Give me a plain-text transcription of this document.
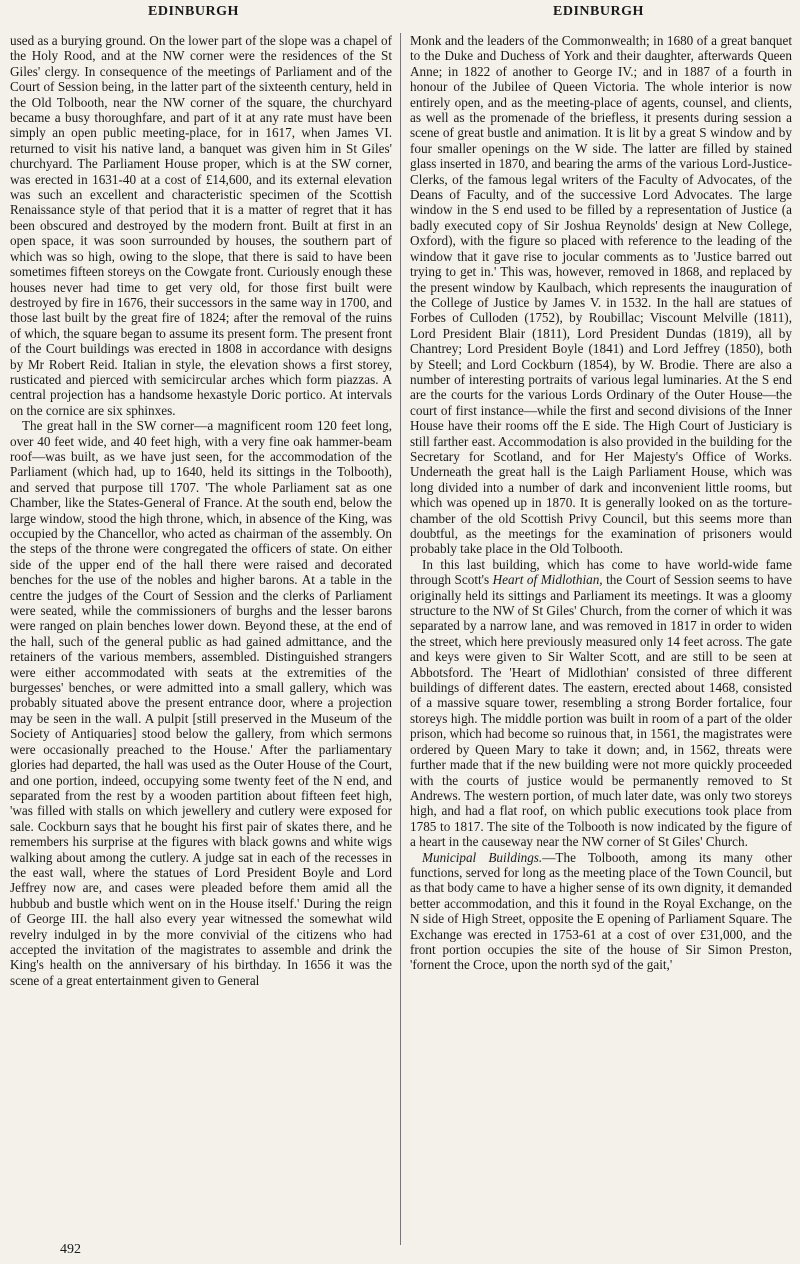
EDINBURGH	EDINBURGH

used as a burying ground. On the lower part of the slope was a chapel of the Holy Rood, and at the NW corner were the residences of the St Giles' clergy. In consequence of the meetings of Parliament and of the Court of Session being, in the latter part of the sixteenth century, held in the Old Tolbooth, near the NW corner of the square, the churchyard became a busy thoroughfare, and part of it at any rate must have been simply an open public meeting-place, for in 1617, when James VI. returned to visit his native land, a banquet was given him in St Giles' churchyard. The Parliament House proper, which is at the SW corner, was erected in 1631-40 at a cost of £14,600, and its external elevation was such an excellent and characteristic specimen of the Scottish Renaissance style of that period that it is a matter of regret that it has been obscured and destroyed by the modern front. Built at first in an open space, it was soon surrounded by houses, the southern part of which was so high, owing to the slope, that there is said to have been sometimes fifteen storeys on the Cowgate front. Curiously enough these houses never had time to get very old, for those first built were destroyed by fire in 1676, their successors in the same way in 1700, and those last built by the great fire of 1824; after the removal of the ruins of which, the square began to assume its present form. The present front of the Court buildings was erected in 1808 in accordance with designs by Mr Robert Reid. Italian in style, the elevation shows a first storey, rusticated and pierced with semicircular arches which form piazzas. A central projection has a handsome hexastyle Doric portico. At intervals on the cornice are six sphinxes.

The great hall in the SW corner—a magnificent room 120 feet long, over 40 feet wide, and 40 feet high, with a very fine oak hammer-beam roof—was built, as we have just seen, for the accommodation of the Parliament (which had, up to 1640, held its sittings in the Tolbooth), and served that purpose till 1707. 'The whole Parliament sat as one Chamber, like the States-General of France. At the south end, below the large window, stood the high throne, which, in absence of the King, was occupied by the Chancellor, who acted as chairman of the assembly. On the steps of the throne were congregated the officers of state. On either side of the upper end of the hall there were raised and decorated benches for the use of the nobles and higher barons. At a table in the centre the judges of the Court of Session and the clerks of Parliament were seated, while the commissioners of burghs and the lesser barons were ranged on plain benches lower down. Beyond these, at the end of the hall, such of the general public as had gained admittance, and the retainers of the various members, assembled. Distinguished strangers were either accommodated with seats at the extremities of the burgesses' benches, or were admitted into a small gallery, which was probably situated above the present entrance door, where a projection may be seen in the wall. A pulpit [still preserved in the Museum of the Society of Antiquaries] stood below the gallery, from which sermons were occasionally preached to the House.' After the parliamentary glories had departed, the hall was used as the Outer House of the Court, and one portion, indeed, occupying some twenty feet of the N end, and separated from the rest by a wooden partition about fifteen feet high, 'was filled with stalls on which jewellery and cutlery were exposed for sale. Cockburn says that he bought his first pair of skates there, and he remembers his surprise at the figures with black gowns and white wigs walking about among the cutlery. A judge sat in each of the recesses in the east wall, where the statues of Lord President Boyle and Lord Jeffrey now are, and cases were pleaded before them amid all the hubbub and bustle which went on in the House itself.' During the reign of George III. the hall also every year witnessed the somewhat wild revelry indulged in by the more convivial of the citizens who had accepted the invitation of the magistrates to assemble and drink the King's health on the anniversary of his birthday. In 1656 it was the scene of a great entertainment given to General

Monk and the leaders of the Commonwealth; in 1680 of a great banquet to the Duke and Duchess of York and their daughter, afterwards Queen Anne; in 1822 of another to George IV.; and in 1887 of a fourth in honour of the Jubilee of Queen Victoria. The whole interior is now entirely open, and as the meeting-place of agents, counsel, and clients, as well as the promenade of the briefless, it presents during session a scene of great bustle and animation. It is lit by a great S window and by four smaller openings on the W side. The latter are filled by stained glass inserted in 1870, and bearing the arms of the various Lord-Justice-Clerks, of the famous legal writers of the Faculty of Advocates, of the Deans of Faculty, and of the successive Lord Advocates. The large window in the S end used to be filled by a representation of Justice (a badly executed copy of Sir Joshua Reynolds' design at New College, Oxford), with the figure so placed with reference to the leading of the window that it gave rise to jocular comments as to 'Justice barred out trying to get in.' This was, however, removed in 1868, and replaced by the present window by Kaulbach, which represents the inauguration of the College of Justice by James V. in 1532. In the hall are statues of Forbes of Culloden (1752), by Roubillac; Viscount Melville (1811), Lord President Blair (1811), Lord President Dundas (1819), all by Chantrey; Lord President Boyle (1841) and Lord Jeffrey (1850), both by Steell; and Lord Cockburn (1854), by W. Brodie. There are also a number of interesting portraits of various legal luminaries. At the S end are the courts for the various Lords Ordinary of the Outer House—the court of first instance—while the first and second divisions of the Inner House have their rooms off the E side. The High Court of Justiciary is still farther east. Accommodation is also provided in the building for the Secretary for Scotland, and for Her Majesty's Office of Works. Underneath the great hall is the Laigh Parliament House, which was long divided into a number of dark and inconvenient little rooms, but which was opened up in 1870. It is generally looked on as the torture-chamber of the old Scottish Privy Council, but this seems more than doubtful, as the meetings for the examination of prisoners would probably take place in the Old Tolbooth.

In this last building, which has come to have world-wide fame through Scott's Heart of Midlothian, the Court of Session seems to have originally held its sittings and Parliament its meetings. It was a gloomy structure to the NW of St Giles' Church, from the corner of which it was separated by a narrow lane, and was removed in 1817 in order to widen the street, which here previously measured only 14 feet across. The gate and keys were given to Sir Walter Scott, and are still to be seen at Abbotsford. The 'Heart of Midlothian' consisted of three different buildings of different dates. The eastern, erected about 1468, consisted of a massive square tower, resembling a strong Border fortalice, four storeys high. The middle portion was built in room of a part of the older prison, which had become so ruinous that, in 1561, the magistrates were ordered by Queen Mary to take it down; and, in 1562, threats were further made that if the new building were not more quickly proceeded with the courts of justice would be permanently removed to St Andrews. The western portion, of much later date, was only two storeys high, and had a flat roof, on which public executions took place from 1785 to 1817. The site of the Tolbooth is now indicated by the figure of a heart in the causeway near the NW corner of St Giles' Church.

Municipal Buildings.—The Tolbooth, among its many other functions, served for long as the meeting place of the Town Council, but as that body came to have a higher sense of its own dignity, it demanded better accommodation, and this it found in the Royal Exchange, on the N side of High Street, opposite the E opening of Parliament Square. The Exchange was erected in 1753-61 at a cost of over £31,000, and the front portion occupies the site of the house of Sir Simon Preston, 'fornent the Croce, upon the north syd of the gait,'

492
